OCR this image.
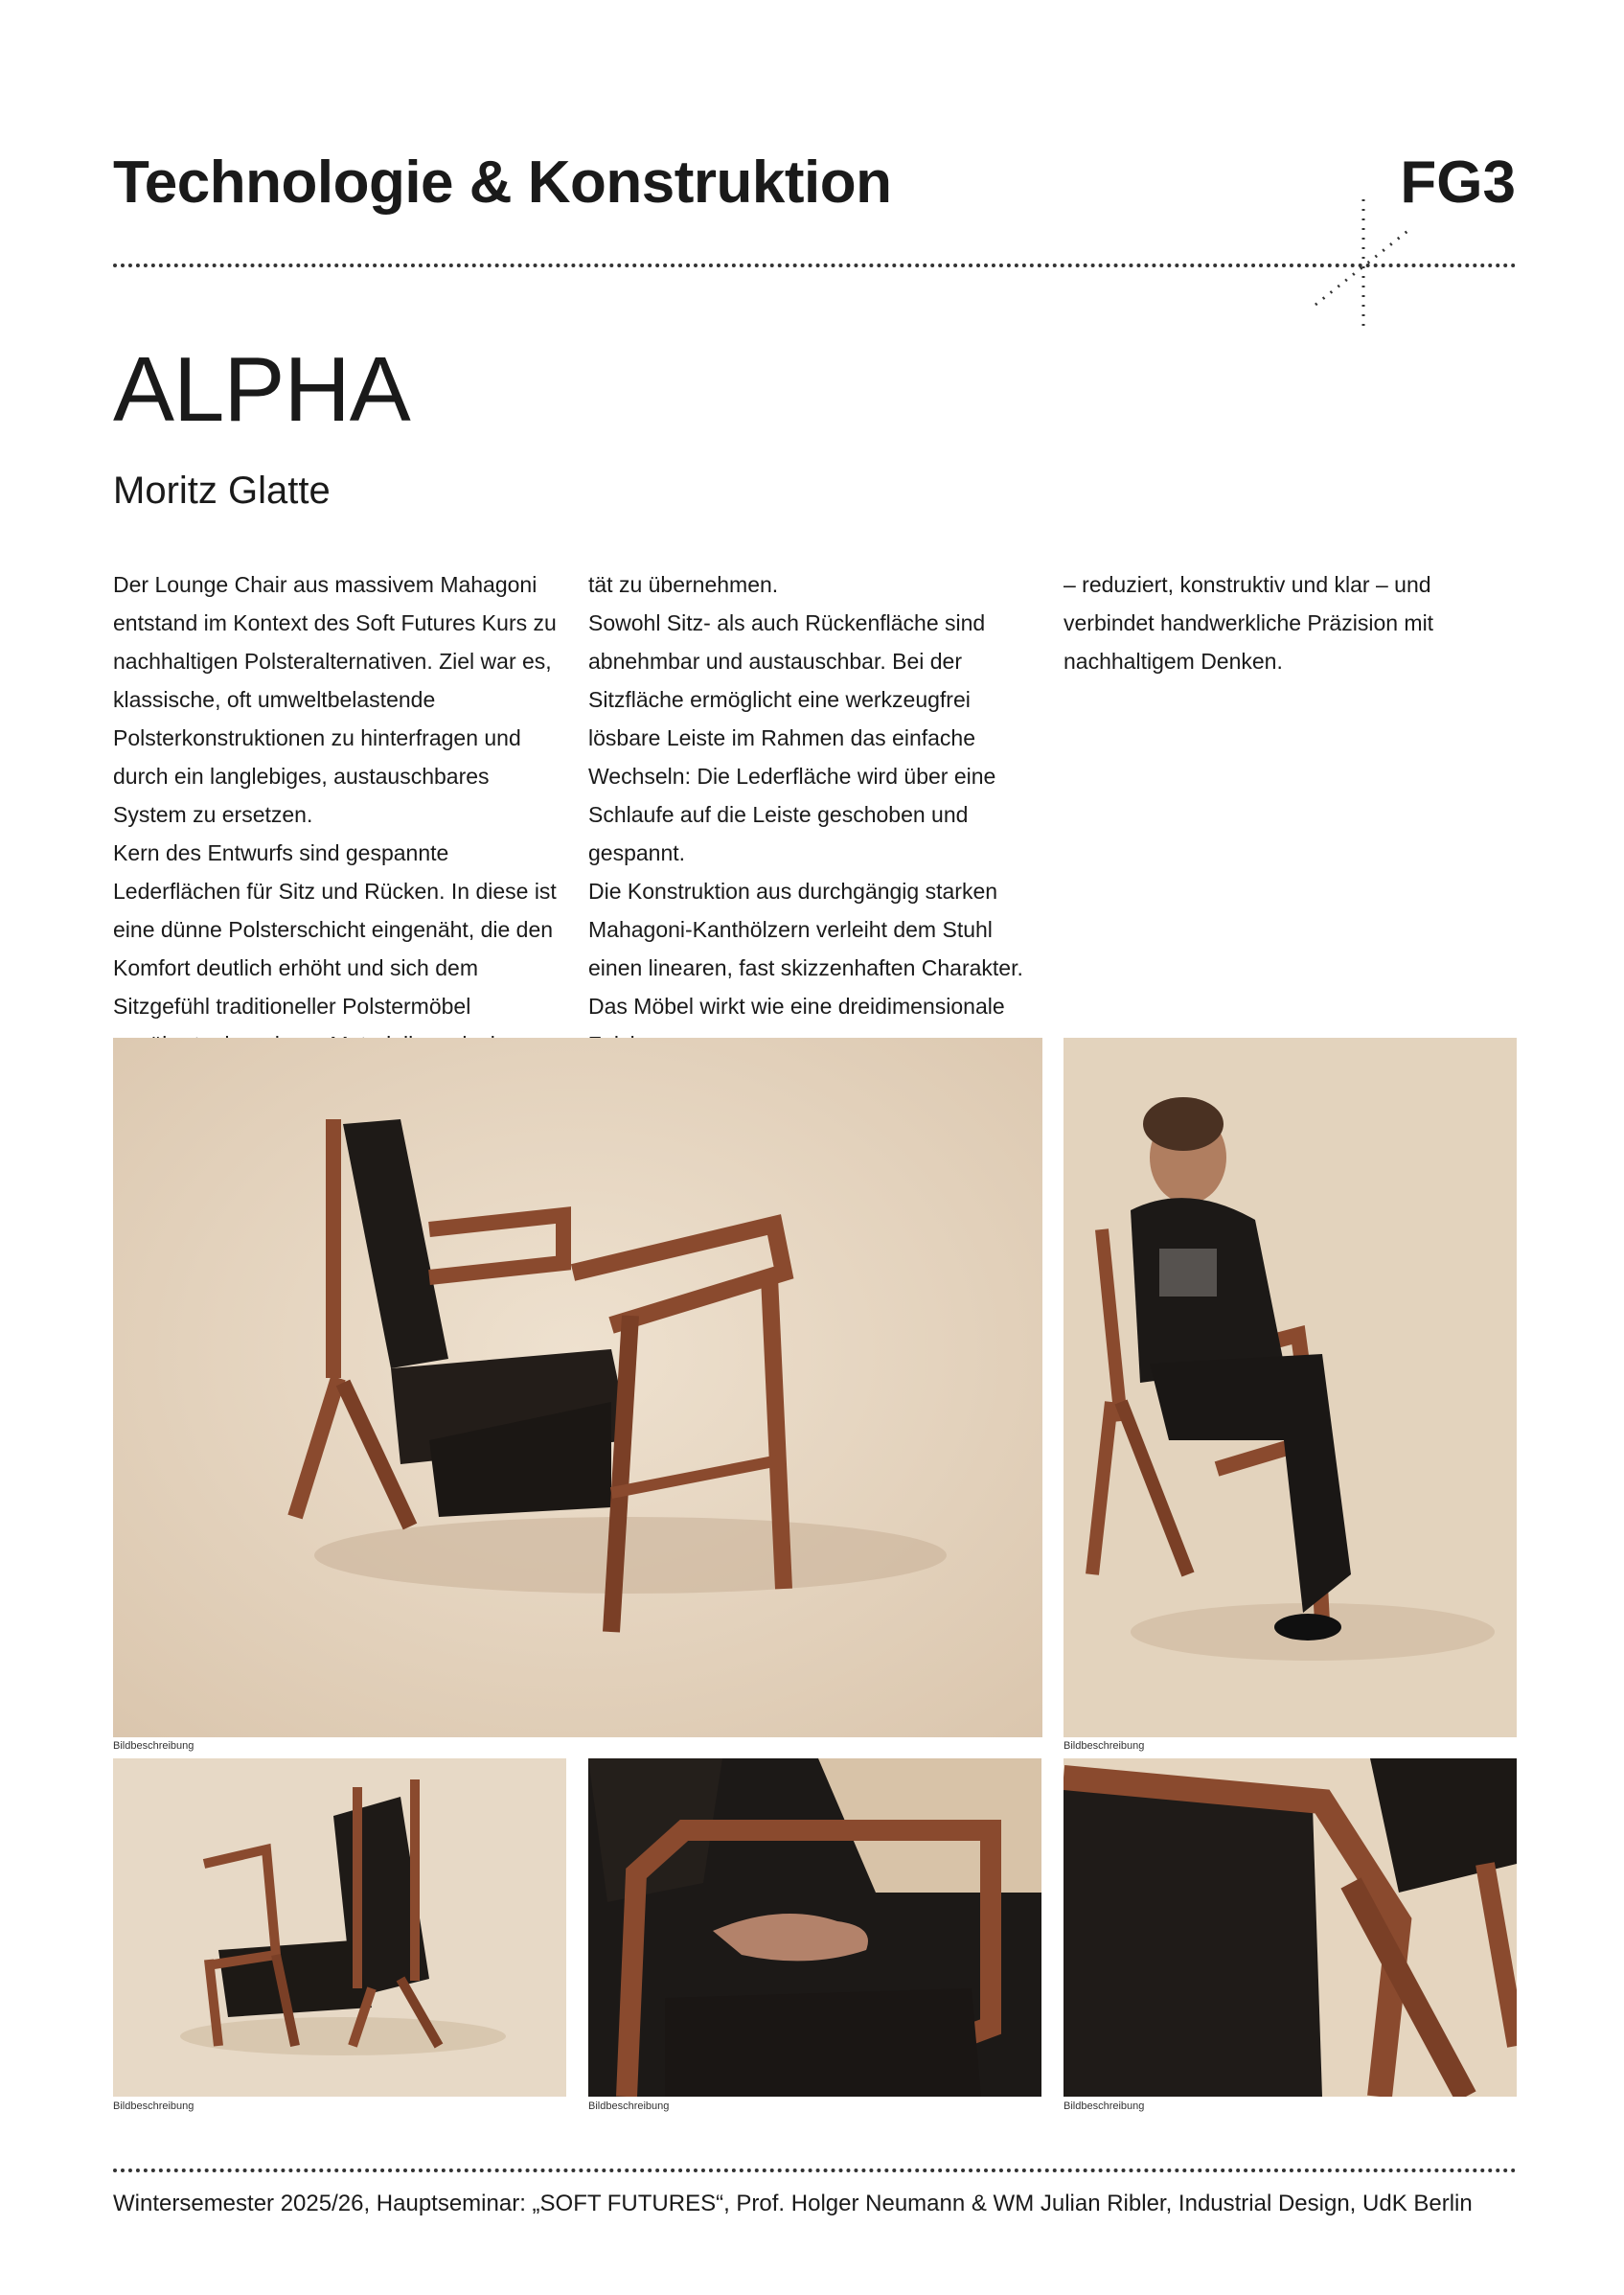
Technologie & Konstruktion	FG3
ALPHA
Moritz Glatte

Der Lounge Chair aus massivem Mahagoni entstand im Kontext des Soft Futures Kurs zu nachhaltigen Polsteralternativen. Ziel war es, klassische, oft umweltbelastende Polsterkonstruktionen zu hinterfragen und durch ein langlebiges, austauschbares System zu ersetzen.

Kern des Entwurfs sind gespannte Lederflächen für Sitz und Rücken. In diese ist eine dünne Polsterschicht eingenäht, die den Komfort deutlich erhöht und sich dem Sitzgefühl traditioneller Polstermöbel

tät zu übernehmen.

Sowohl Sitz- als auch Rückenfläche sind abnehmbar und austauschbar. Bei der Sitzfläche ermöglicht eine werkzeugfrei lösbare Leiste im Rahmen das einfache Wechseln: Die Lederfläche wird über eine Schlaufe auf die Leiste geschoben und gespannt.

Die Konstruktion aus durchgängig starken Mahagoni-Kanthölzern verleiht dem Stuhl einen linearen, fast skizzenhaften Charakter. Das Möbel wirkt wie eine dreidimensionale

– reduziert, konstruktiv und klar – und verbindet handwerkliche Präzision mit nachhaltigem Denken.

Bildbeschreibung	Bildbeschreibung
Bildbeschreibung	Bildbeschreibung	Bildbeschreibung
Wintersemester 2025/26, Hauptseminar: „SOFT FUTURES“, Prof. Holger Neumann & WM Julian Ribler, Industrial Design, UdK Berlin
